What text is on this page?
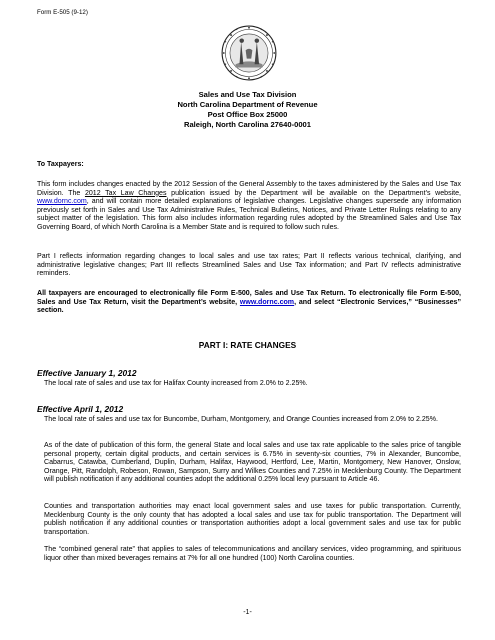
Form E-505 (9-12)
Sales and Use Tax Division
North Carolina Department of Revenue
Post Office Box 25000
Raleigh, North Carolina 27640-0001
To Taxpayers:
This form includes changes enacted by the 2012 Session of the General Assembly to the taxes administered by the Sales and Use Tax Division. The 2012 Tax Law Changes publication issued by the Department will be available on the Department’s website, www.dornc.com, and will contain more detailed explanations of legislative changes. Legislative changes supersede any information previously set forth in Sales and Use Tax Administrative Rules, Technical Bulletins, Notices, and Private Letter Rulings relating to any subject matter of the legislation. This form also includes information regarding rules adopted by the Streamlined Sales and Use Tax Governing Board, of which North Carolina is a Member State and is required to follow such rules.
Part I reflects information regarding changes to local sales and use tax rates; Part II reflects various technical, clarifying, and administrative legislative changes; Part III reflects Streamlined Sales and Use Tax information; and Part IV reflects administrative reminders.
All taxpayers are encouraged to electronically file Form E-500, Sales and Use Tax Return. To electronically file Form E-500, Sales and Use Tax Return, visit the Department’s website, www.dornc.com, and select “Electronic Services,” “Businesses” section.
PART I: RATE CHANGES
Effective January 1, 2012
The local rate of sales and use tax for Halifax County increased from 2.0% to 2.25%.
Effective April 1, 2012
The local rate of sales and use tax for Buncombe, Durham, Montgomery, and Orange Counties increased from 2.0% to 2.25%.
As of the date of publication of this form, the general State and local sales and use tax rate applicable to the sales price of tangible personal property, certain digital products, and certain services is 6.75% in seventy-six counties, 7% in Alexander, Buncombe, Cabarrus, Catawba, Cumberland, Duplin, Durham, Halifax, Haywood, Hertford, Lee, Martin, Montgomery, New Hanover, Onslow, Orange, Pitt, Randolph, Robeson, Rowan, Sampson, Surry and Wilkes Counties and 7.25% in Mecklenburg County. The Department will publish notification if any additional counties adopt the additional 0.25% local levy pursuant to Article 46.
Counties and transportation authorities may enact local government sales and use taxes for public transportation. Currently, Mecklenburg County is the only county that has adopted a local sales and use tax for public transportation. The Department will publish notification if any additional counties or transportation authorities adopt a local government sales and use tax for public transportation.
The “combined general rate” that applies to sales of telecommunications and ancillary services, video programming, and spirituous liquor other than mixed beverages remains at 7% for all one hundred (100) North Carolina counties.
-1-
